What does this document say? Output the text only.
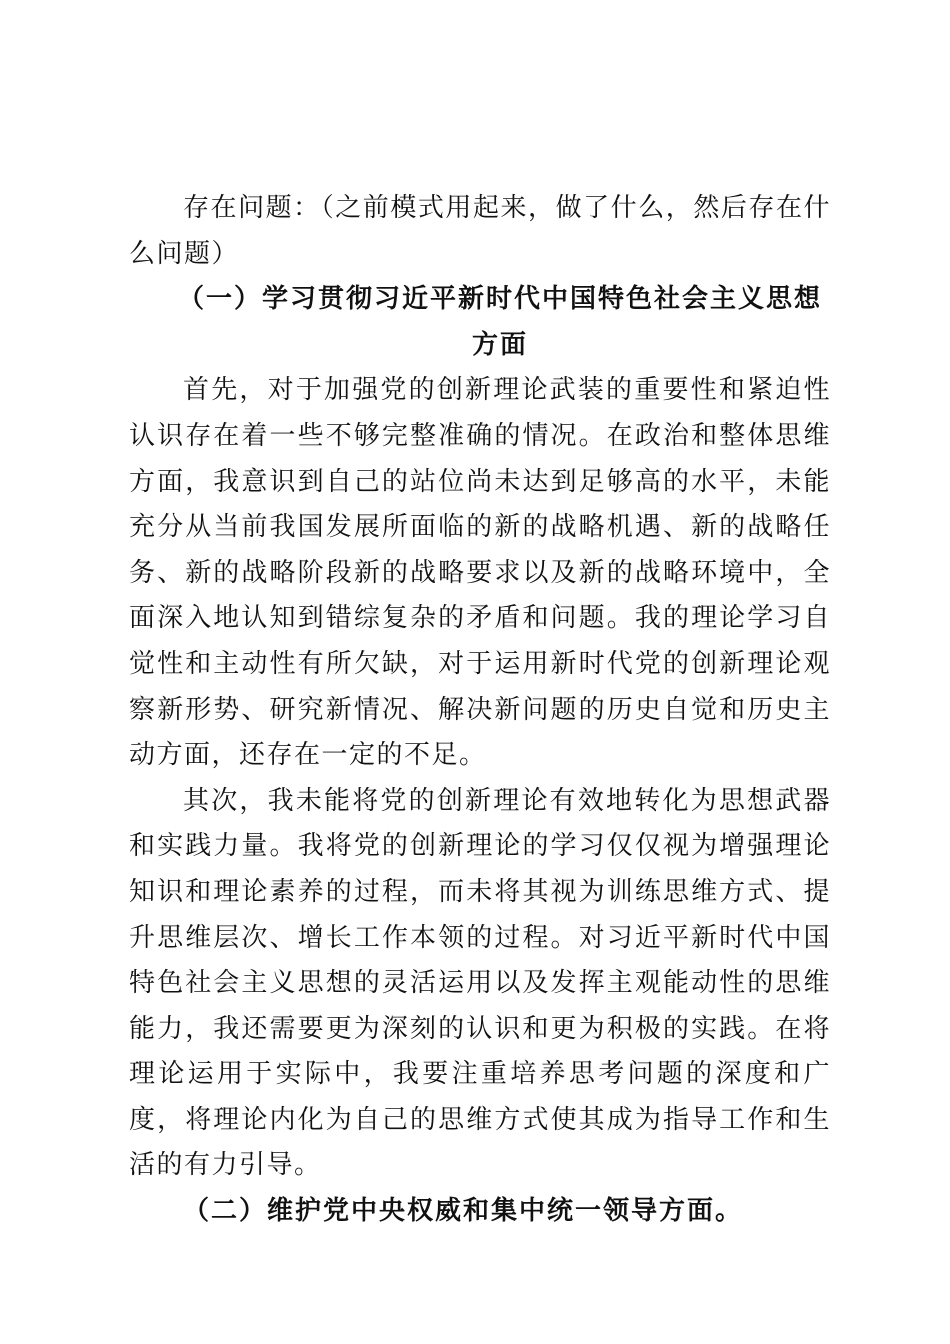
存在问题：（之前模式用起来，做了什么，然后存在什么问题）

（一）学习贯彻习近平新时代中国特色社会主义思想方面

首先，对于加强党的创新理论武装的重要性和紧迫性认识存在着一些不够完整准确的情况。在政治和整体思维方面，我意识到自己的站位尚未达到足够高的水平，未能充分从当前我国发展所面临的新的战略机遇、新的战略任务、新的战略阶段新的战略要求以及新的战略环境中，全面深入地认知到错综复杂的矛盾和问题。我的理论学习自觉性和主动性有所欠缺，对于运用新时代党的创新理论观察新形势、研究新情况、解决新问题的历史自觉和历史主动方面，还存在一定的不足。

其次，我未能将党的创新理论有效地转化为思想武器和实践力量。我将党的创新理论的学习仅仅视为增强理论知识和理论素养的过程，而未将其视为训练思维方式、提升思维层次、增长工作本领的过程。对习近平新时代中国特色社会主义思想的灵活运用以及发挥主观能动性的思维能力，我还需要更为深刻的认识和更为积极的实践。在将理论运用于实际中，我要注重培养思考问题的深度和广度，将理论内化为自己的思维方式使其成为指导工作和生活的有力引导。

（二）维护党中央权威和集中统一领导方面。
